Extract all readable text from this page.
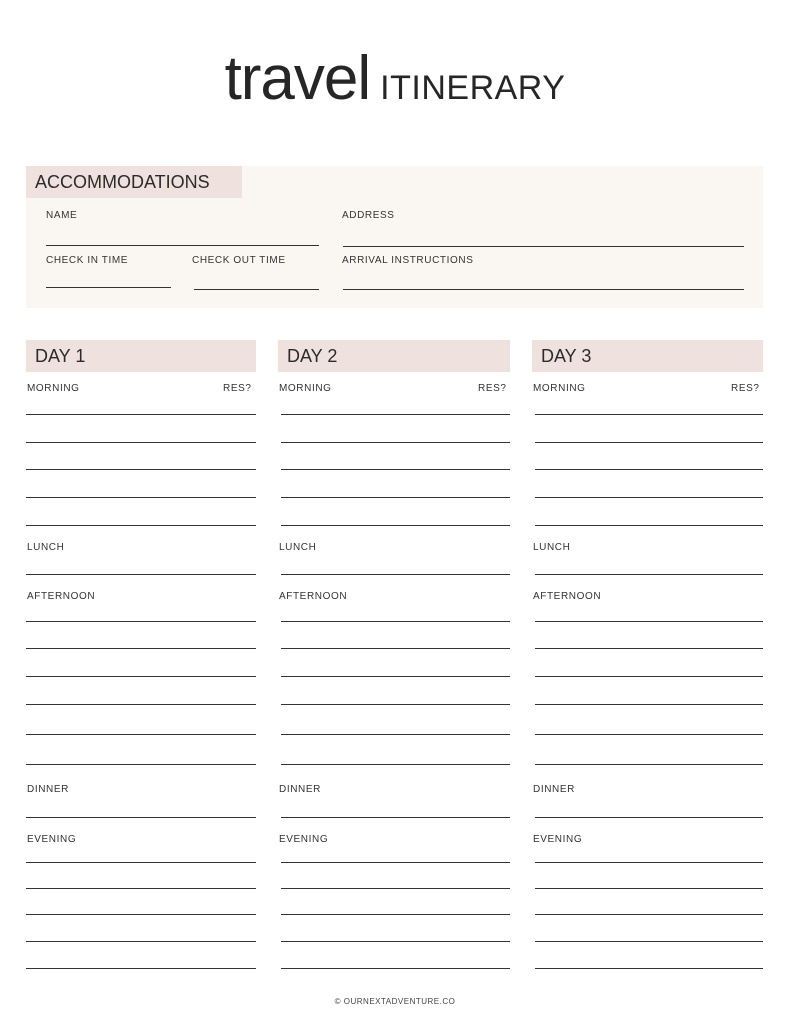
travel ITINERARY
ACCOMMODATIONS
NAME	ADDRESS
CHECK IN TIME	CHECK OUT TIME	ARRIVAL INSTRUCTIONS
DAY 1
MORNING	RES?
LUNCH
AFTERNOON
DINNER
EVENING
DAY 2
MORNING	RES?
LUNCH
AFTERNOON
DINNER
EVENING
DAY 3
MORNING	RES?
LUNCH
AFTERNOON
DINNER
EVENING
© OURNEXTADVENTURE.CO
